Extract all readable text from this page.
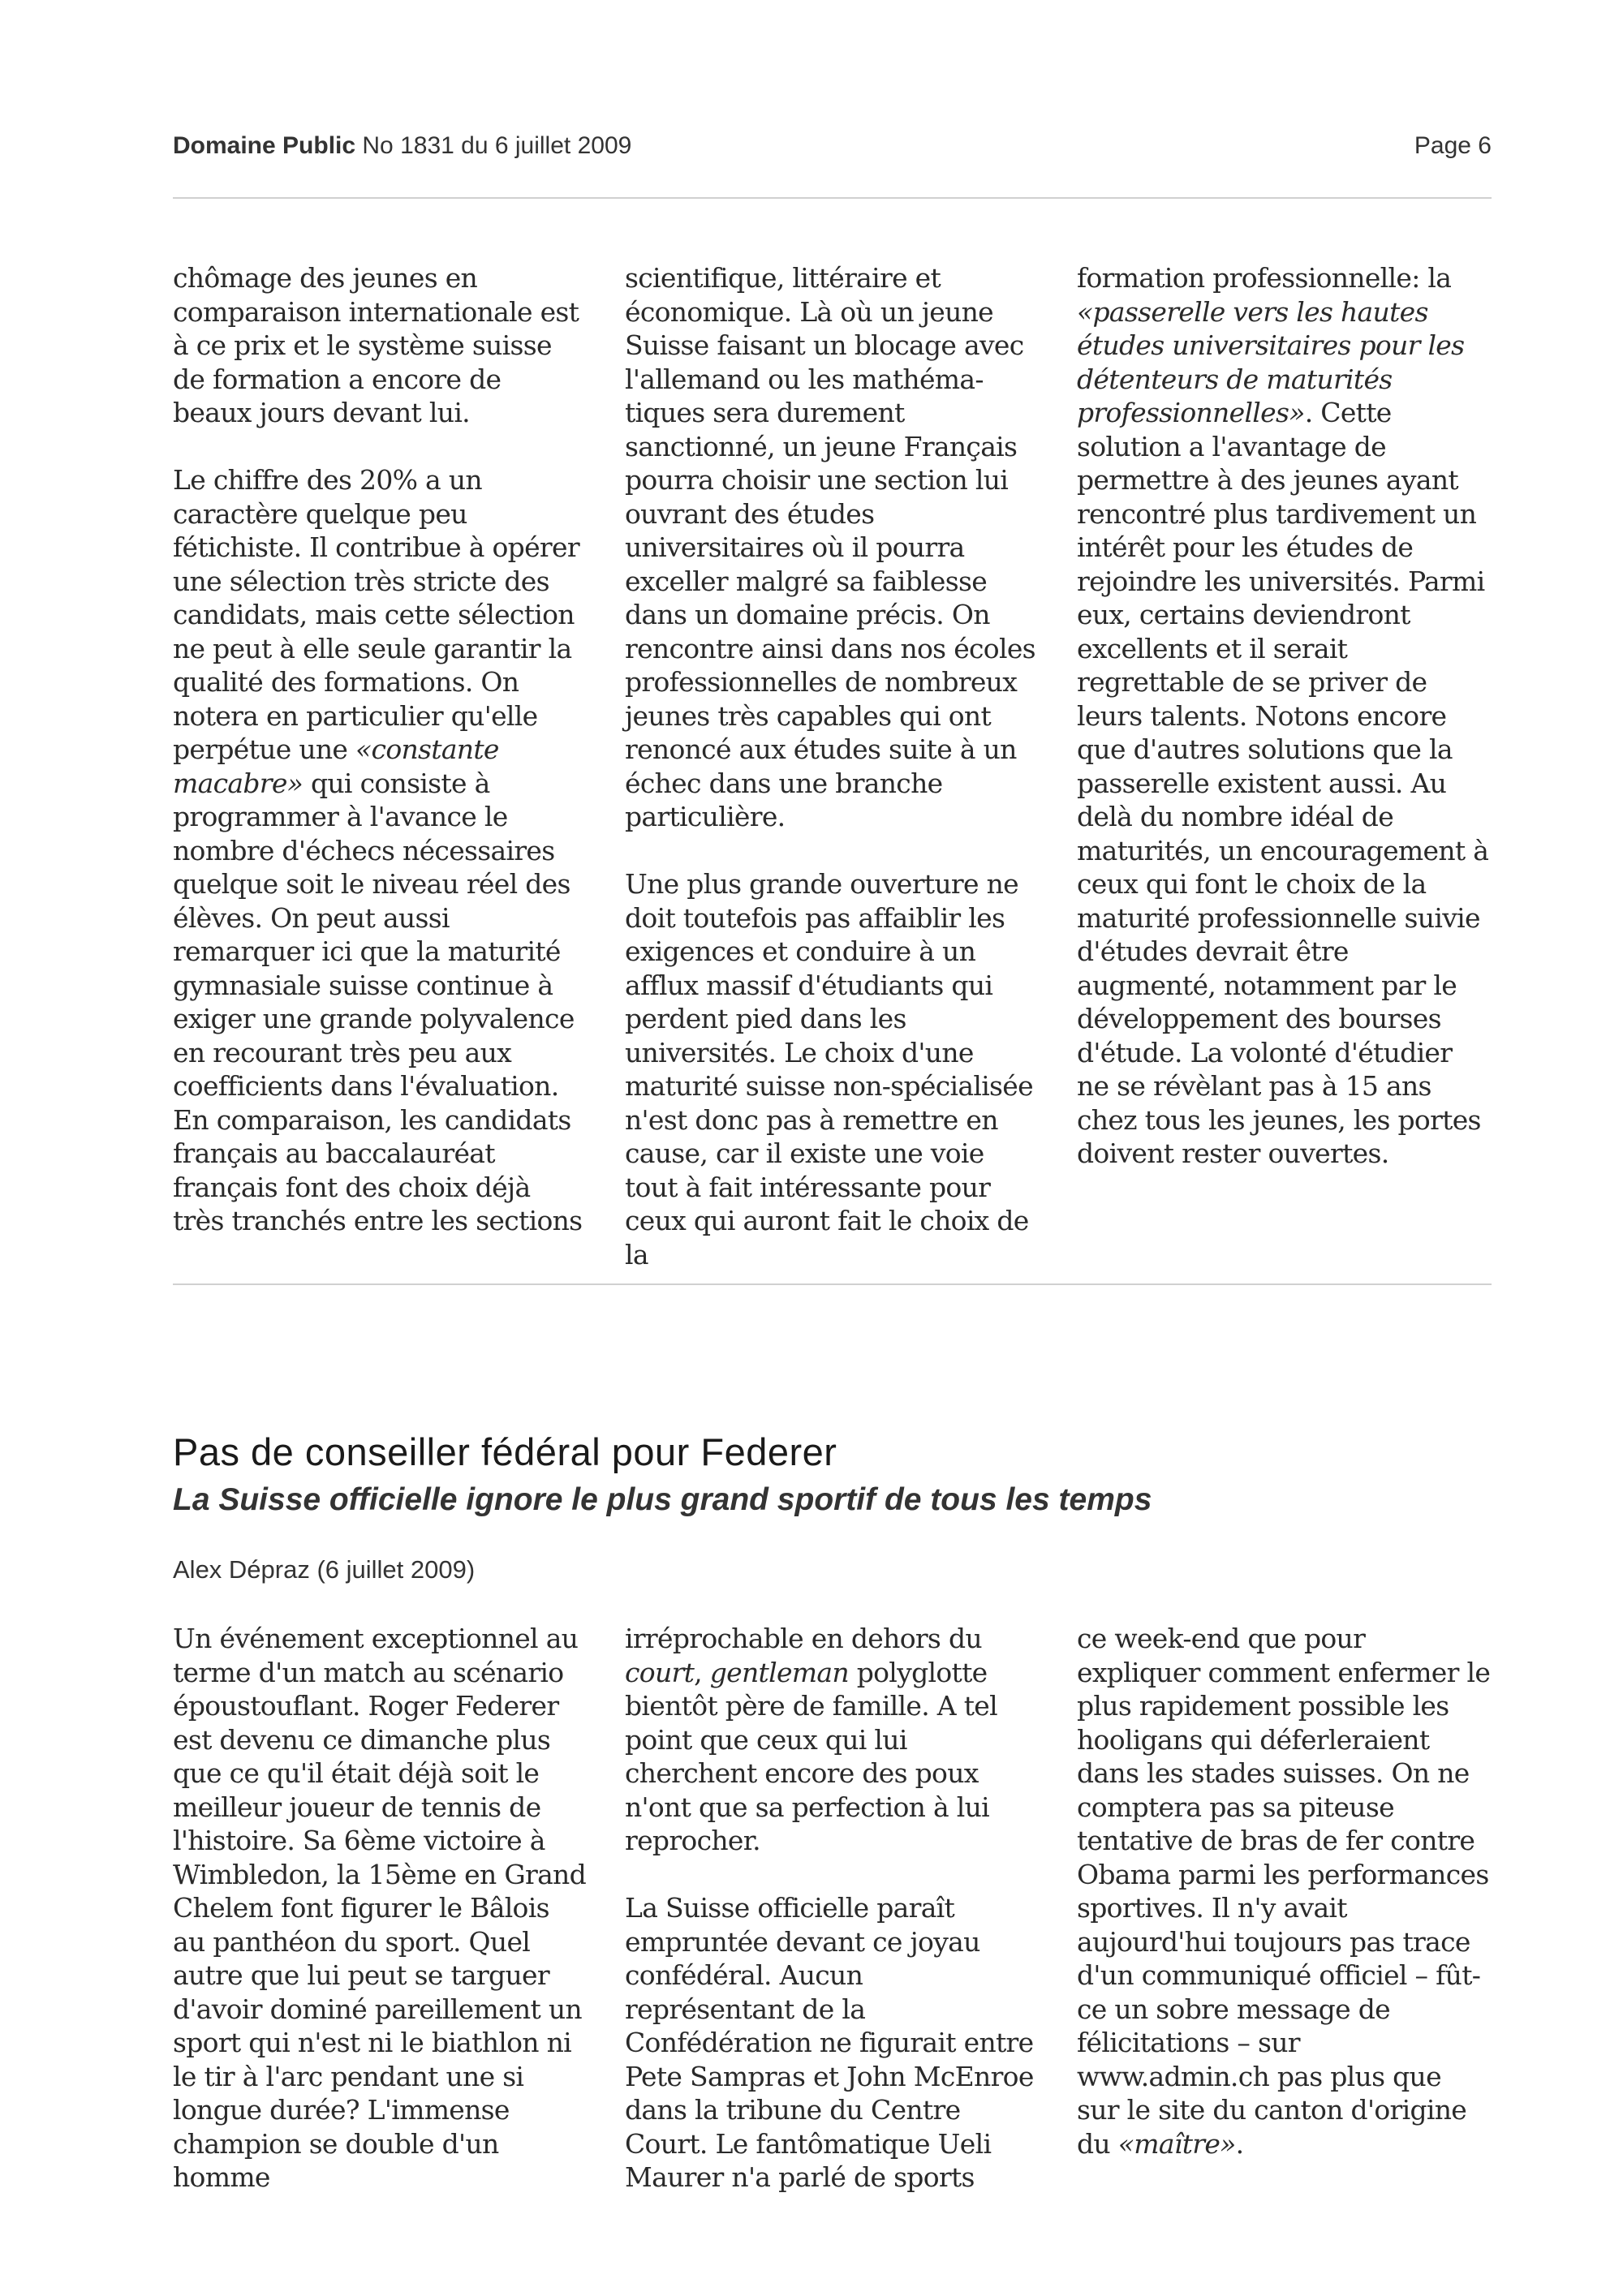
Domaine Public No 1831 du 6 juillet 2009	Page 6

chômage des jeunes en comparaison internationale est à ce prix et le système suisse de formation a encore de beaux jours devant lui.

Le chiffre des 20% a un caractère quelque peu fétichiste. Il contribue à opérer une sélection très stricte des candidats, mais cette sélection ne peut à elle seule garantir la qualité des formations. On notera en particulier qu'elle perpétue une «constante macabre» qui consiste à programmer à l'avance le nombre d'échecs nécessaires quelque soit le niveau réel des élèves. On peut aussi remarquer ici que la maturité gymnasiale suisse continue à exiger une grande polyvalence en recourant très peu aux coefficients dans l'évaluation. En comparaison, les candidats français au baccalauréat français font des choix déjà très tranchés entre les sections

scientifique, littéraire et économique. Là où un jeune Suisse faisant un blocage avec l'allemand ou les mathéma-tiques sera durement sanctionné, un jeune Français pourra choisir une section lui ouvrant des études universitaires où il pourra exceller malgré sa faiblesse dans un domaine précis. On rencontre ainsi dans nos écoles professionnelles de nombreux jeunes très capables qui ont renoncé aux études suite à un échec dans une branche particulière.

Une plus grande ouverture ne doit toutefois pas affaiblir les exigences et conduire à un afflux massif d'étudiants qui perdent pied dans les universités. Le choix d'une maturité suisse non-spécialisée n'est donc pas à remettre en cause, car il existe une voie tout à fait intéressante pour ceux qui auront fait le choix de la

formation professionnelle: la «passerelle vers les hautes études universitaires pour les détenteurs de maturités professionnelles». Cette solution a l'avantage de permettre à des jeunes ayant rencontré plus tardivement un intérêt pour les études de rejoindre les universités. Parmi eux, certains deviendront excellents et il serait regrettable de se priver de leurs talents. Notons encore que d'autres solutions que la passerelle existent aussi. Au delà du nombre idéal de maturités, un encouragement à ceux qui font le choix de la maturité professionnelle suivie d'études devrait être augmenté, notamment par le développement des bourses d'étude. La volonté d'étudier ne se révèlant pas à 15 ans chez tous les jeunes, les portes doivent rester ouvertes.

Pas de conseiller fédéral pour Federer
La Suisse officielle ignore le plus grand sportif de tous les temps
Alex Dépraz (6 juillet 2009)

Un événement exceptionnel au terme d'un match au scénario époustouflant. Roger Federer est devenu ce dimanche plus que ce qu'il était déjà soit le meilleur joueur de tennis de l'histoire. Sa 6ème victoire à Wimbledon, la 15ème en Grand Chelem font figurer le Bâlois au panthéon du sport. Quel autre que lui peut se targuer d'avoir dominé pareillement un sport qui n'est ni le biathlon ni le tir à l'arc pendant une si longue durée? L'immense champion se double d'un homme

irréprochable en dehors du court, gentleman polyglotte bientôt père de famille. A tel point que ceux qui lui cherchent encore des poux n'ont que sa perfection à lui reprocher.

La Suisse officielle paraît empruntée devant ce joyau confédéral. Aucun représentant de la Confédération ne figurait entre Pete Sampras et John McEnroe dans la tribune du Centre Court. Le fantômatique Ueli Maurer n'a parlé de sports

ce week-end que pour expliquer comment enfermer le plus rapidement possible les hooligans qui déferleraient dans les stades suisses. On ne comptera pas sa piteuse tentative de bras de fer contre Obama parmi les performances sportives. Il n'y avait aujourd'hui toujours pas trace d'un communiqué officiel – fût-ce un sobre message de félicitations – sur www.admin.ch pas plus que sur le site du canton d'origine du «maître».
